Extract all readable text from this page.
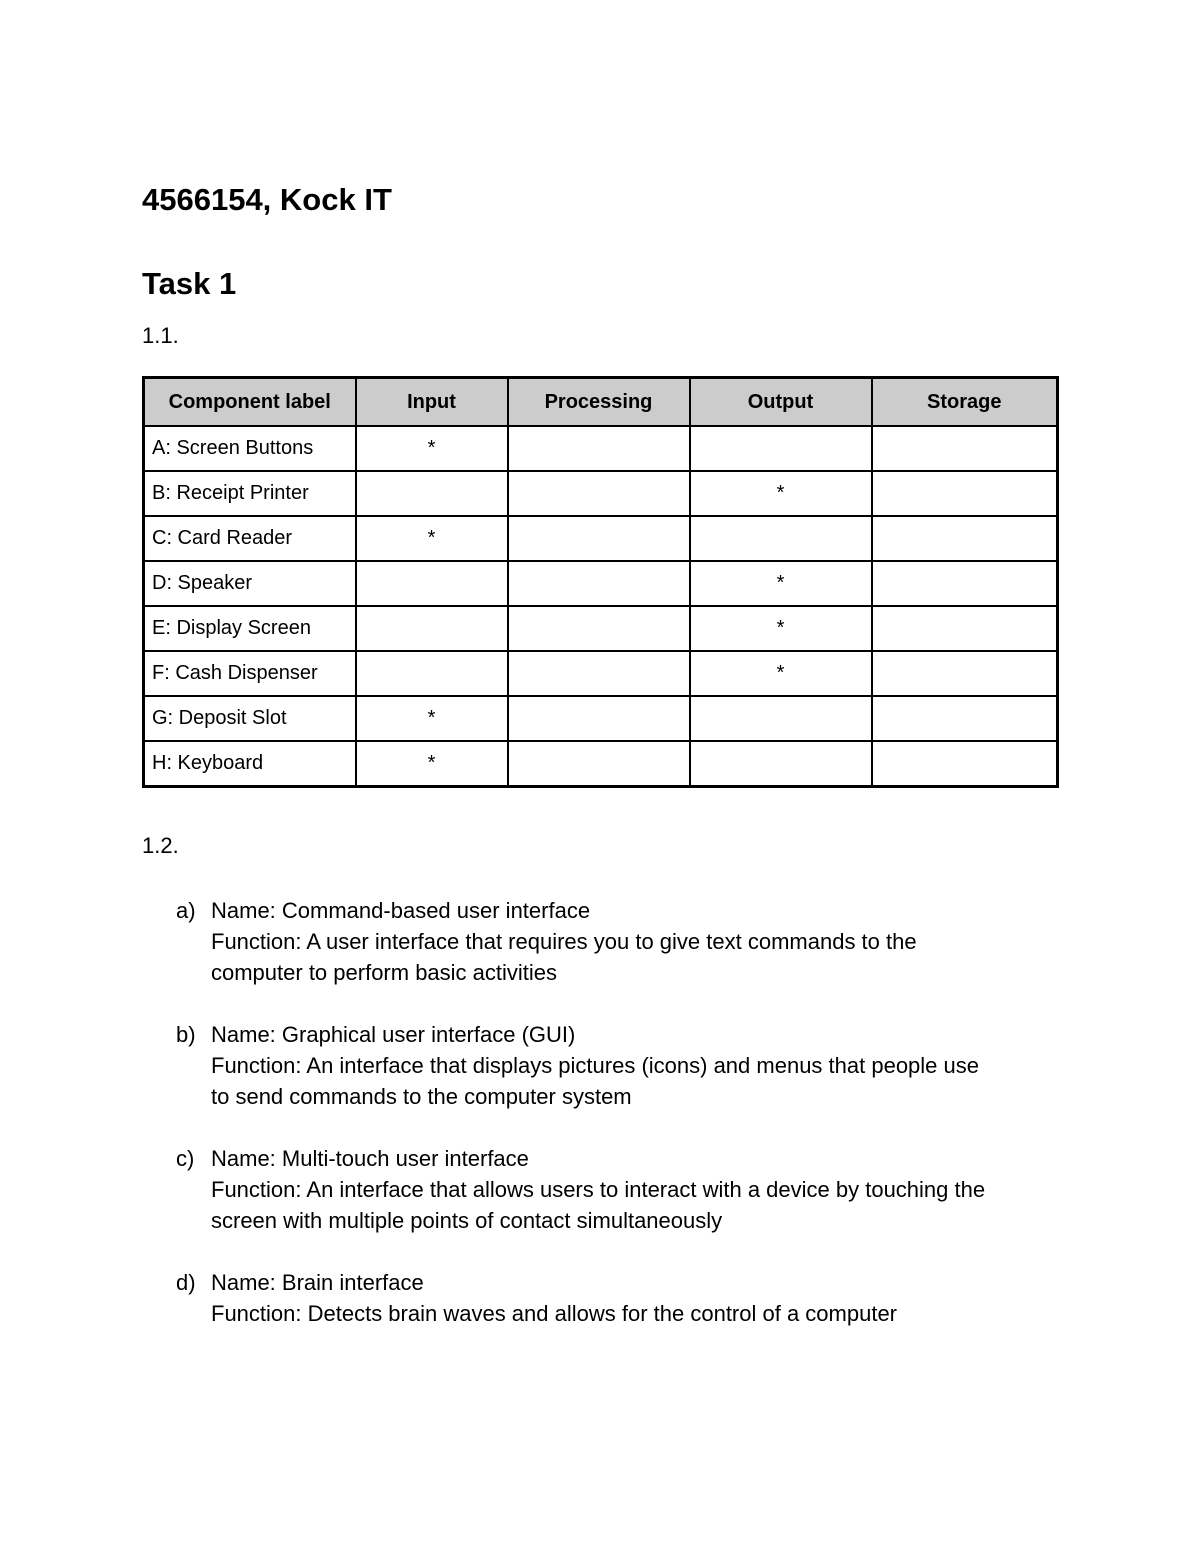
4566154, Kock IT
Task 1
1.1.
Component label	Input	Processing	Output	Storage
A: Screen Buttons	*			
B: Receipt Printer			*	
C: Card Reader	*			
D: Speaker			*	
E: Display Screen			*	
F: Cash Dispenser			*	
G: Deposit Slot	*			
H: Keyboard	*			
1.2.
a) Name: Command-based user interface
Function: A user interface that requires you to give text commands to the
computer to perform basic activities
b) Name: Graphical user interface (GUI)
Function: An interface that displays pictures (icons) and menus that people use
to send commands to the computer system
c) Name: Multi-touch user interface
Function: An interface that allows users to interact with a device by touching the
screen with multiple points of contact simultaneously
d) Name: Brain interface
Function: Detects brain waves and allows for the control of a computer
